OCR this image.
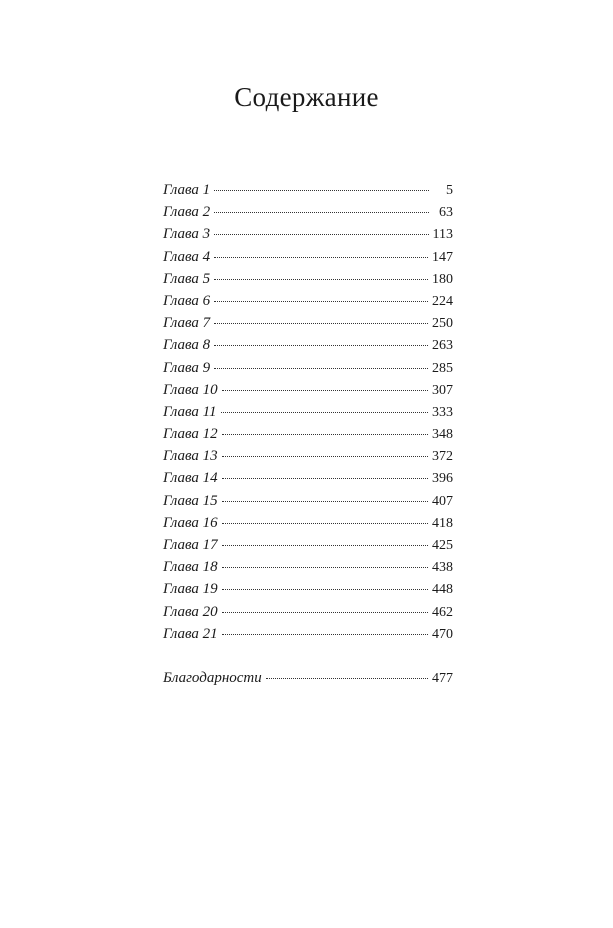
Содержание
Глава 1	5
Глава 2	63
Глава 3	113
Глава 4	147
Глава 5	180
Глава 6	224
Глава 7	250
Глава 8	263
Глава 9	285
Глава 10	307
Глава 11	333
Глава 12	348
Глава 13	372
Глава 14	396
Глава 15	407
Глава 16	418
Глава 17	425
Глава 18	438
Глава 19	448
Глава 20	462
Глава 21	470
Благодарности	477
